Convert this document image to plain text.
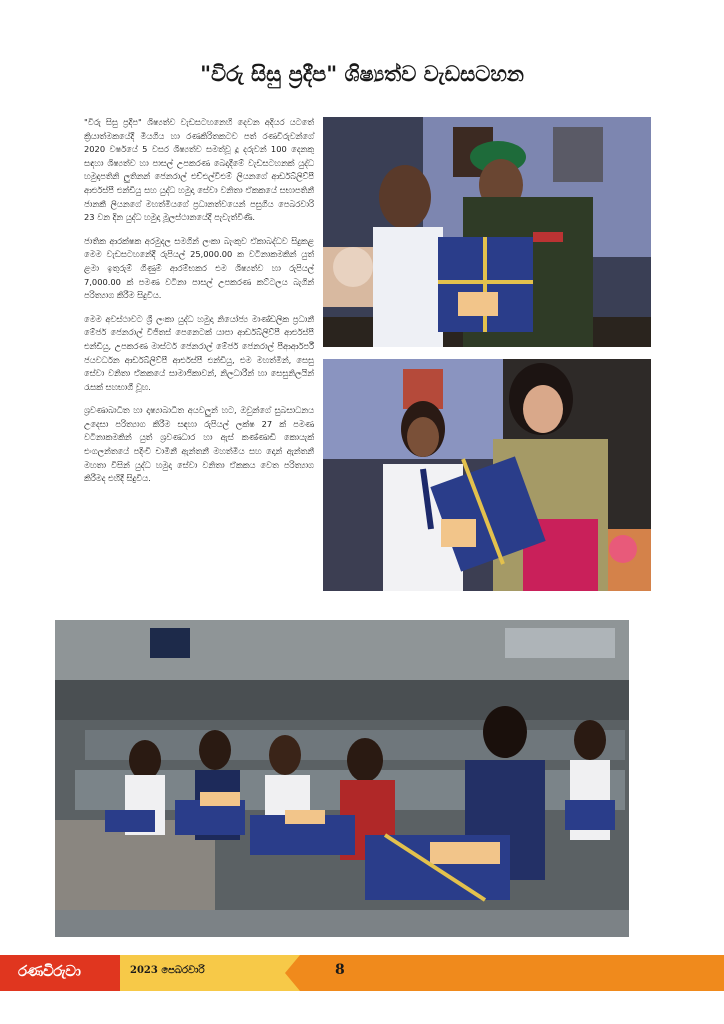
"විරු සිසු ප්‍රදීප" ශිෂ්‍යත්ව වැඩසටහන

"විරු සිසු ප්‍රදීප" ශිෂ්‍යත්ව වැඩසටහනෙහි දෙවන අදියර යටතේ ක්‍රියාත්මකයේදී මියගිය හා රණකිරිතකටව පත් රණවිරුවන්ගේ 2020 වර්ෂයේ 5 වසර ශිෂ්‍යත්ව සමත්වූ දූ දරුවන් 100 දෙනකු සඳහා ශිෂ්‍යත්ව හා පාසල් උපකරණ බෙදාදීමේ වැඩසටහනක් යුද්ධ හමුදාපතිනි ලුතිනන් ජෙනරාල් එච්එල්වීඑම් ලියනගේ ආර්ඩබ්ලිව්පී ආර්එස්පී එන්ඩියු සහ යුද්ධ හමුදා සේවා වනිතා ඒකකයේ සභාපතිනී ජානකී ලියනගේ මහත්මියගේ ප්‍රධානත්වයෙන් පසුගිය පෙබරවාරි 23 වන දින යුද්ධ හමුදා මූලස්ථානයේදී පැවැත්විණි.

ජාතික ආරක්ෂක අරමුදල සමගින් ලංකා බැංකුව ඒකාබද්ධව සිදුකළ මෙම වැඩසටහනේදී රුපියල් 25,000.00 ක වටිනාකමකින් යුත් ළමා ඉතුරුම් ගිණුම් ආරම්භකර එම ශිෂ්‍යත්ව හා රුපියල් 7,000.00 ක් පමණ වටිනා පාසල් උපකරණ කට්ටලය බැගින් පරිත්‍යාග කිරීම සිදුවිය.

මෙම අවස්ථාවට ශ්‍රී ලංකා යුද්ධ හමුදා නියෝජ්‍ය මාණ්ඩලික ප්‍රධානී මේජර් ජෙනරාල් විජිතස් පෙනෙටක් යාපා ආර්ඩබ්ලිව්පී ආර්එස්පී එන්ඩියු, උපකරණ මාස්ටර් ජෙනරාල් මේජර් ජෙනරාල් පීආර්ආර්පී ජයවර්ධන ආර්ඩබ්ලිව්පී ආර්එස්පී එන්ඩියු, එම මහත්මීන්, සෙසු සේවා වනිතා ඒකකයේ සාමාජිකාවන්, නිලධාරීන් හා සෙසුනිලයින් රැසක් සහභාගී වූහ.

ශ්‍රවණාබාධිත හා දෘෂ්‍යාබාධිත අයවලුන් හට, ඔවුන්ගේ සුබසාධනය උදෙසා පරිත්‍යාග කිරීම සඳහා රුපියල් ලක්ෂ 27 ක් පමණ වටිනාකමකින් යුත් ශ්‍රවණධාර හා ඇස් කණ්ණාඩි කොයැක් එංගලන්තයේ පදිංචි චාමිනී ඇන්තනී මහත්මිය සහ දොන් ඇන්තනී මහතා විසින් යුද්ධ හමුදා සේවා වනිතා ඒකකය වෙත පරිත්‍යාග කිරීමද එහිදී සිදුවිය.

රණවිරුවා	2023 පෙබරවාරි	8
